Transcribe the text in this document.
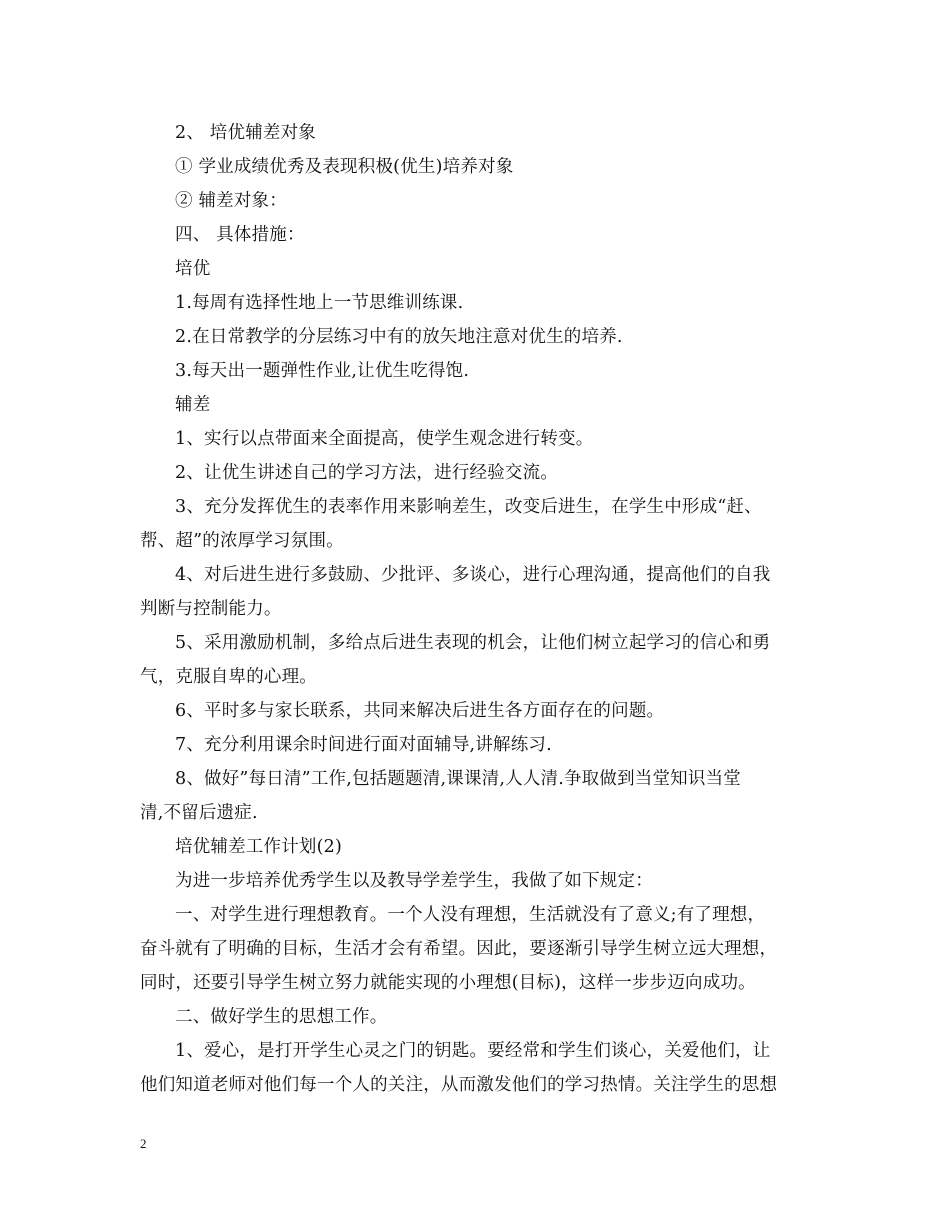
2、 培优辅差对象
① 学业成绩优秀及表现积极(优生)培养对象
② 辅差对象：
四、 具体措施：
培优
1.每周有选择性地上一节思维训练课.
2.在日常教学的分层练习中有的放矢地注意对优生的培养.
3.每天出一题弹性作业,让优生吃得饱.
辅差
1、实行以点带面来全面提高，使学生观念进行转变。
2、让优生讲述自己的学习方法，进行经验交流。
3、充分发挥优生的表率作用来影响差生，改变后进生，在学生中形成“赶、
帮、超”的浓厚学习氛围。
4、对后进生进行多鼓励、少批评、多谈心，进行心理沟通，提高他们的自我
判断与控制能力。
5、采用激励机制，多给点后进生表现的机会，让他们树立起学习的信心和勇
气，克服自卑的心理。
6、平时多与家长联系，共同来解决后进生各方面存在的问题。
7、充分利用课余时间进行面对面辅导,讲解练习.
8、做好”每日清”工作,包括题题清,课课清,人人清.争取做到当堂知识当堂
清,不留后遗症.
培优辅差工作计划(2)
为进一步培养优秀学生以及教导学差学生，我做了如下规定：
一、对学生进行理想教育。一个人没有理想，生活就没有了意义;有了理想，
奋斗就有了明确的目标，生活才会有希望。因此，要逐渐引导学生树立远大理想，
同时，还要引导学生树立努力就能实现的小理想(目标)，这样一步步迈向成功。
二、做好学生的思想工作。
1、爱心，是打开学生心灵之门的钥匙。要经常和学生们谈心，关爱他们，让
他们知道老师对他们每一个人的关注，从而激发他们的学习热情。关注学生的思想
2
